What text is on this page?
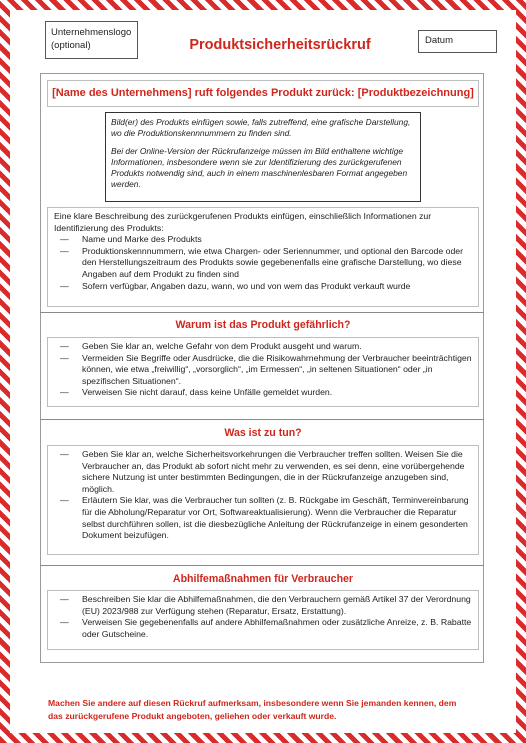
Unternehmenslogo (optional)	Produktsicherheitsrückruf	Datum
[Name des Unternehmens] ruft folgendes Produkt zurück: [Produktbezeichnung]

Bild(er) des Produkts einfügen sowie, falls zutreffend, eine grafische Darstellung, wo die Produktionskennnummern zu finden sind.

Bei der Online-Version der Rückrufanzeige müssen im Bild enthaltene wichtige Informationen, insbesondere wenn sie zur Identifizierung des zurückgerufenen Produkts notwendig sind, auch in einem maschinenlesbaren Format angegeben werden.

Eine klare Beschreibung des zurückgerufenen Produkts einfügen, einschließlich Informationen zur Identifizierung des Produkts:

— Name und Marke des Produkts
— Produktionskennnummern, wie etwa Chargen- oder Seriennummer, und optional den Barcode oder den Herstellungszeitraum des Produkts sowie gegebenenfalls eine grafische Darstellung, wo diese Angaben auf dem Produkt zu finden sind
— Sofern verfügbar, Angaben dazu, wann, wo und von wem das Produkt verkauft wurde
Warum ist das Produkt gefährlich?
— Geben Sie klar an, welche Gefahr von dem Produkt ausgeht und warum.
— Vermeiden Sie Begriffe oder Ausdrücke, die die Risikowahrnehmung der Verbraucher beeinträchtigen können, wie etwa „freiwillig“, „vorsorglich“, „im Ermessen“, „in seltenen Situationen“ oder „in spezifischen Situationen“.
— Verweisen Sie nicht darauf, dass keine Unfälle gemeldet wurden.
Was ist zu tun?
— Geben Sie klar an, welche Sicherheitsvorkehrungen die Verbraucher treffen sollten. Weisen Sie die Verbraucher an, das Produkt ab sofort nicht mehr zu verwenden, es sei denn, eine vorübergehende sichere Nutzung ist unter bestimmten Bedingungen, die in der Rückrufanzeige anzugeben sind, möglich.
— Erläutern Sie klar, was die Verbraucher tun sollten (z. B. Rückgabe im Geschäft, Terminvereinbarung für die Abholung/Reparatur vor Ort, Softwareaktualisierung). Wenn die Verbraucher die Reparatur selbst durchführen sollen, ist die diesbezügliche Anleitung der Rückrufanzeige in einem gesonderten Dokument beizufügen.
Abhilfemaßnahmen für Verbraucher
— Beschreiben Sie klar die Abhilfemaßnahmen, die den Verbrauchern gemäß Artikel 37 der Verordnung (EU) 2023/988 zur Verfügung stehen (Reparatur, Ersatz, Erstattung).
— Verweisen Sie gegebenenfalls auf andere Abhilfemaßnahmen oder zusätzliche Anreize, z. B. Rabatte oder Gutscheine.
Machen Sie andere auf diesen Rückruf aufmerksam, insbesondere wenn Sie jemanden kennen, dem das zurückgerufene Produkt angeboten, geliehen oder verkauft wurde.
